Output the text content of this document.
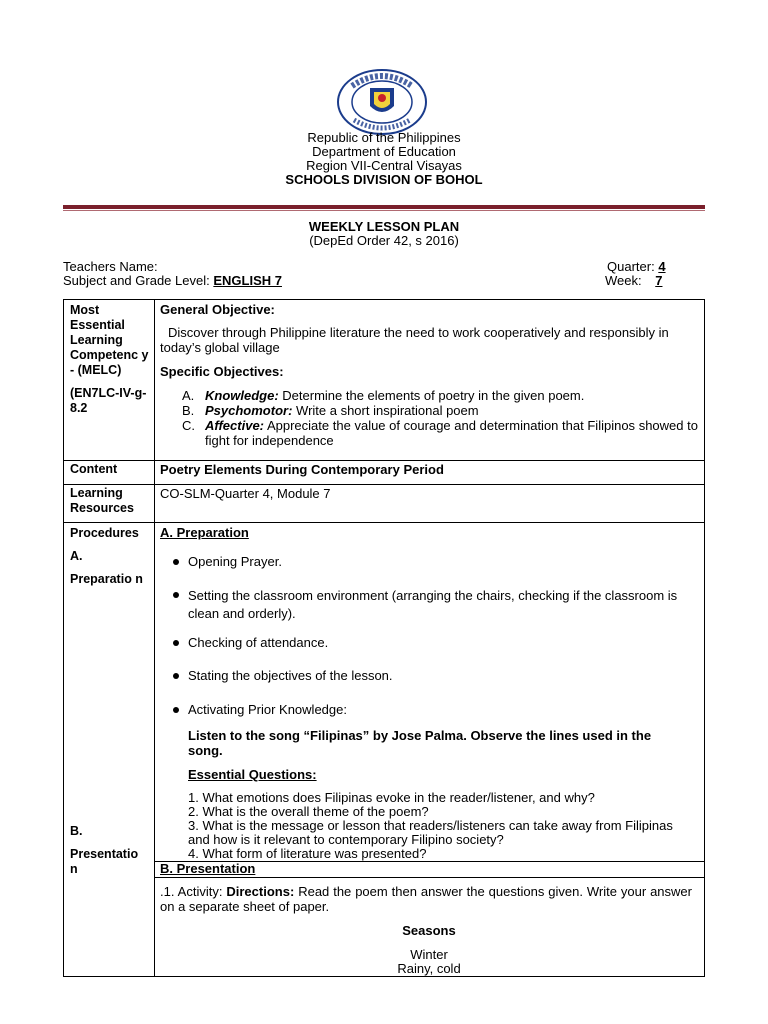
Republic of the Philippines
Department of Education
Region VII-Central Visayas
SCHOOLS DIVISION OF BOHOL
WEEKLY LESSON PLAN
(DepEd Order 42, s 2016)
Teachers Name:
Subject and Grade Level: ENGLISH 7
Quarter: 4
Week: 7
Most Essential Learning Competenc y - (MELC)
(EN7LC-IV-g-8.2
General Objective:
Discover through Philippine literature the need to work cooperatively and responsibly in today’s global village
Specific Objectives:
A. Knowledge: Determine the elements of poetry in the given poem.
B. Psychomotor: Write a short inspirational poem
C. Affective: Appreciate the value of courage and determination that Filipinos showed to fight for independence
Content	Poetry Elements During Contemporary Period
Learning Resources
CO-SLM-Quarter 4, Module 7
Procedures
A.
Preparatio n
B.
Presentatio n
A. Preparation
Opening Prayer.
Setting the classroom environment (arranging the chairs, checking if the classroom is clean and orderly).
Checking of attendance.
Stating the objectives of the lesson.
Activating Prior Knowledge:
Listen to the song “Filipinas” by Jose Palma. Observe the lines used in the song.
Essential Questions:
1. What emotions does Filipinas evoke in the reader/listener, and why?
2. What is the overall theme of the poem?
3. What is the message or lesson that readers/listeners can take away from Filipinas and how is it relevant to contemporary Filipino society?
4. What form of literature was presented?
B. Presentation
.1. Activity: Directions: Read the poem then answer the questions given. Write your answer on a separate sheet of paper.
Seasons
Winter
Rainy, cold
